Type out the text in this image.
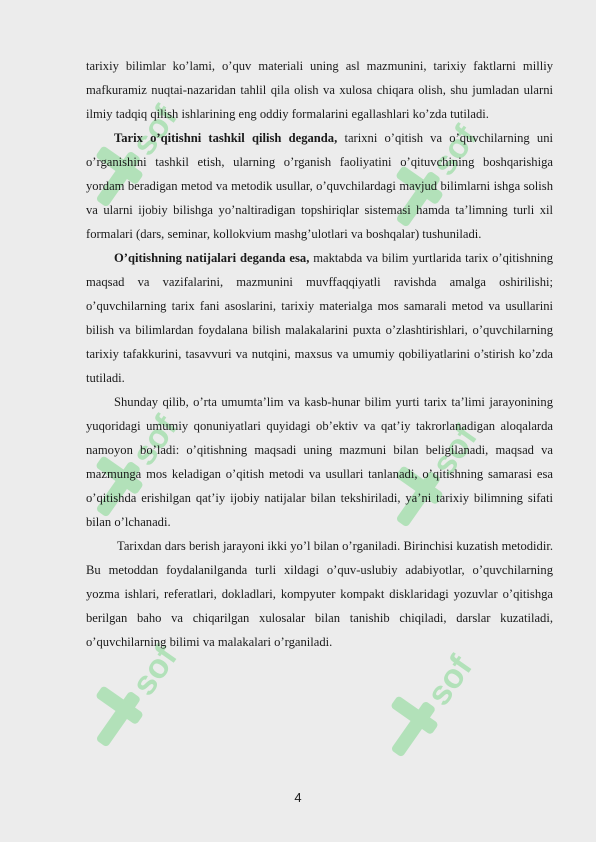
sof	sof
sof	sof
sof	sof

tarixiy bilimlar ko’lami, o’quv materiali uning asl mazmunini, tarixiy faktlarni milliy mafkuramiz nuqtai-nazaridan tahlil qila olish va xulosa chiqara olish, shu jumladan ularni ilmiy tadqiq qilish ishlarining eng oddiy formalarini egallashlari ko’zda tutiladi.

Tarix o’qitishni tashkil qilish deganda, tarixni o’qitish va o’quvchilarning uni o’rganishini tashkil etish, ularning o’rganish faoliyatini o’qituvchining boshqarishiga yordam beradigan metod va metodik usullar, o’quvchilardagi mavjud bilimlarni ishga solish va ularni ijobiy bilishga yo’naltiradigan topshiriqlar sistemasi hamda ta’limning turli xil formalari (dars, seminar, kollokvium mashg’ulotlari va boshqalar) tushuniladi.

O’qitishning natijalari deganda esa, maktabda va bilim yurtlarida tarix o’qitishning maqsad va vazifalarini, mazmunini muvffaqqiyatli ravishda amalga oshirilishi; o’quvchilarning tarix fani asoslarini, tarixiy materialga mos samarali metod va usullarini bilish va bilimlardan foydalana bilish malakalarini puxta o’zlashtirishlari, o’quvchilarning tarixiy tafakkurini, tasavvuri va nutqini, maxsus va umumiy qobiliyatlarini o’stirish ko’zda tutiladi.

Shunday qilib, o’rta umumta’lim va kasb-hunar bilim yurti tarix ta’limi jarayonining yuqoridagi umumiy qonuniyatlari quyidagi ob’ektiv va qat’iy takrorlanadigan aloqalarda namoyon bo’ladi: o’qitishning maqsadi uning mazmuni bilan beligilanadi, maqsad va mazmunga mos keladigan o’qitish metodi va usullari tanlanadi, o’qitishning samarasi esa o’qitishda erishilgan qat’iy ijobiy natijalar bilan tekshiriladi, ya’ni tarixiy bilimning sifati bilan o’lchanadi.

Tarixdan dars berish jarayoni ikki yo’l bilan o’rganiladi. Birinchisi kuzatish metodidir. Bu metoddan foydalanilganda turli xildagi o’quv-uslubiy adabiyotlar, o’quvchilarning yozma ishlari, referatlari, dokladlari, kompyuter kompakt disklaridagi yozuvlar o’qitishga berilgan baho va chiqarilgan xulosalar bilan tanishib chiqiladi, darslar kuzatiladi, o’quvchilarning bilimi va malakalari o’rganiladi.

4
